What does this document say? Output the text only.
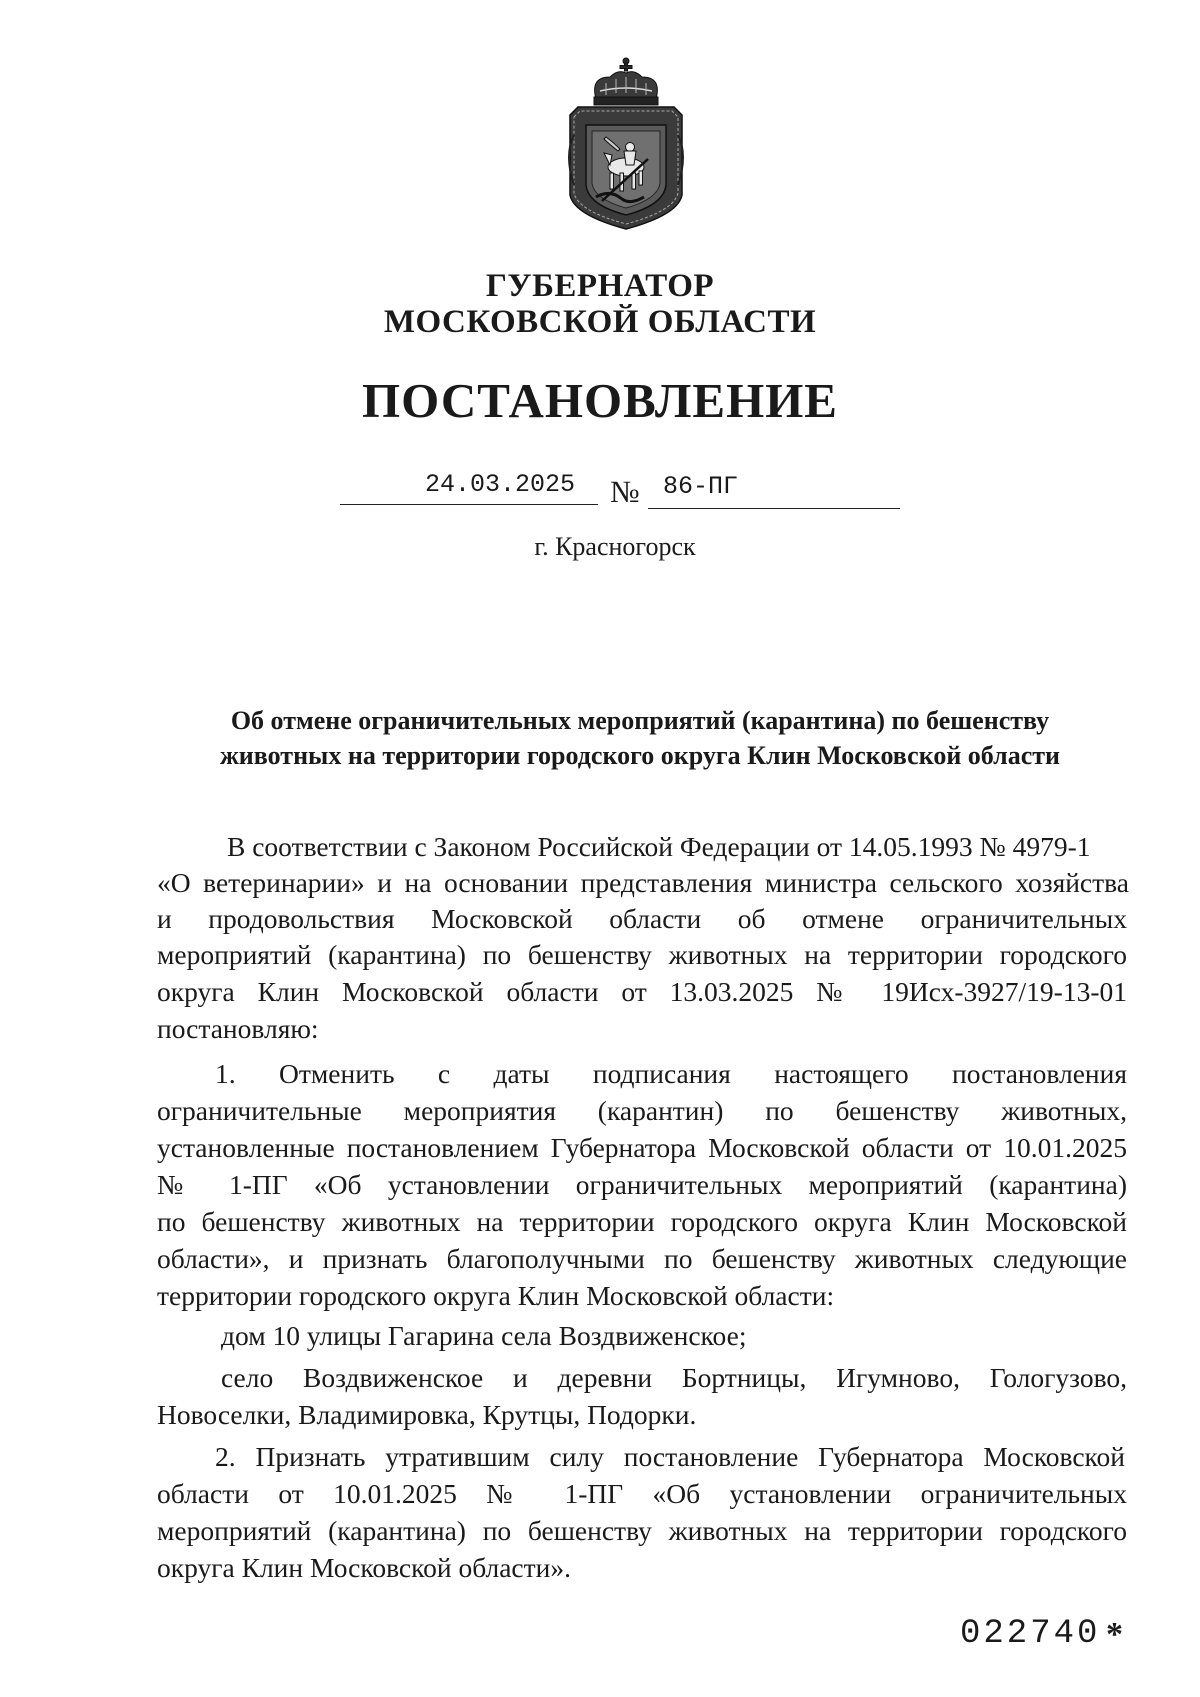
ГУБЕРНАТОР
МОСКОВСКОЙ ОБЛАСТИ
ПОСТАНОВЛЕНИЕ
24.03.2025 № 86-ПГ
г. Красногорск
Об отмене ограничительных мероприятий (карантина) по бешенству
животных на территории городского округа Клин Московской области
В соответствии с Законом Российской Федерации от 14.05.1993 № 4979-1
«О ветеринарии» и на основании представления министра сельского хозяйства
и продовольствия Московской области об отмене ограничительных
мероприятий (карантина) по бешенству животных на территории городского
округа Клин Московской области от 13.03.2025 № 19Исх-3927/19-13-01
постановляю:
1. Отменить с даты подписания настоящего постановления
ограничительные мероприятия (карантин) по бешенству животных,
установленные постановлением Губернатора Московской области от 10.01.2025
№ 1-ПГ «Об установлении ограничительных мероприятий (карантина)
по бешенству животных на территории городского округа Клин Московской
области», и признать благополучными по бешенству животных следующие
территории городского округа Клин Московской области:
дом 10 улицы Гагарина села Воздвиженское;
село Воздвиженское и деревни Бортницы, Игумново, Гологузово,
Новоселки, Владимировка, Крутцы, Подорки.
2. Признать утратившим силу постановление Губернатора Московской
области от 10.01.2025 № 1-ПГ «Об установлении ограничительных
мероприятий (карантина) по бешенству животных на территории городского
округа Клин Московской области».
022740 *
